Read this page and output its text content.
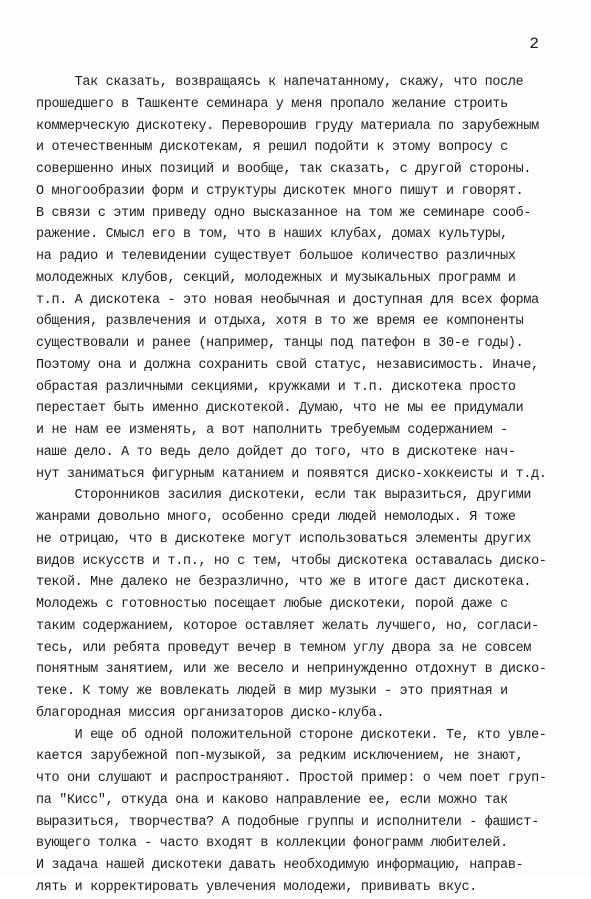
2
Так сказать, возвращаясь к напечатанному, скажу, что после
прошедшего в Ташкенте семинара у меня пропало желание строить
коммерческую дискотеку. Перевоpoшив груду материала по зарубежным
и отечественным дискотекам, я решил подойти к этому вопросу с
совершенно иных позиций и вообще, так сказать, с другой стороны.
О многообразии форм и структуры дискотек много пишут и говорят.
В связи с этим приведу одно высказанное на том же семинаре сооб-
ражение. Смысл его в том, что в наших клубах, домах культуры,
на радио и телевидении существует большое количество различных
молодежных клубов, секций, молодежных и музыкальных программ и
т.п. А дискотека - это новая необычная и доступная для всех форма
общения, развлечения и отдыха, хотя в то же время ее компоненты
существовали и ранее (например, танцы под патефон в 30-е годы).
Поэтому она и должна сохранить свой статус, независимость. Иначе,
обрастая различными секциями, кружками и т.п. дискотека просто
перестает быть именно дискотекой. Думаю, что не мы ее придумали
и не нам ее изменять, а вот наполнить требуемым содержанием -
наше дело. А то ведь дело дойдет до того, что в дискотеке нач-
нут заниматься фигурным катанием и появятся диско-хоккеисты и т.д.
Сторонников засилия дискотеки, если так выразиться, другими
жанрами довольно много, особенно среди людей немолодых. Я тоже
не отрицаю, что в дискотеке могут использоваться элементы других
видов искусств и т.п., но с тем, чтобы дискотека оставалась диско-
текой. Мне далеко не безразлично, что же в итоге даст дискотека.
Молодежь с готовностью посещает любые дискотеки, порой даже с
таким содержанием, которое оставляет желать лучшего, но, согласи-
тесь, или ребята проведут вечер в темном углу двора за не совсем
понятным занятием, или же весело и непринужденно отдохнут в диско-
теке. К тому же вовлекать людей в мир музыки - это приятная и
благородная миссия организаторов диско-клуба.
И еще об одной положительной стороне дискотеки. Те, кто увле-
кается зарубежной поп-музыкой, за редким исключением, не знают,
что они слушают и распространяют. Простой пример: о чем поет груп-
па "Кисс", откуда она и каково направление ее, если можно так
выразиться, творчества? А подобные группы и исполнители - фашист-
вующего толка - часто входят в коллекции фонограмм любителей.
И задача нашей дискотеки давать необходимую информацию, направ-
лять и корректировать увлечения молодежи, прививать вкус.
